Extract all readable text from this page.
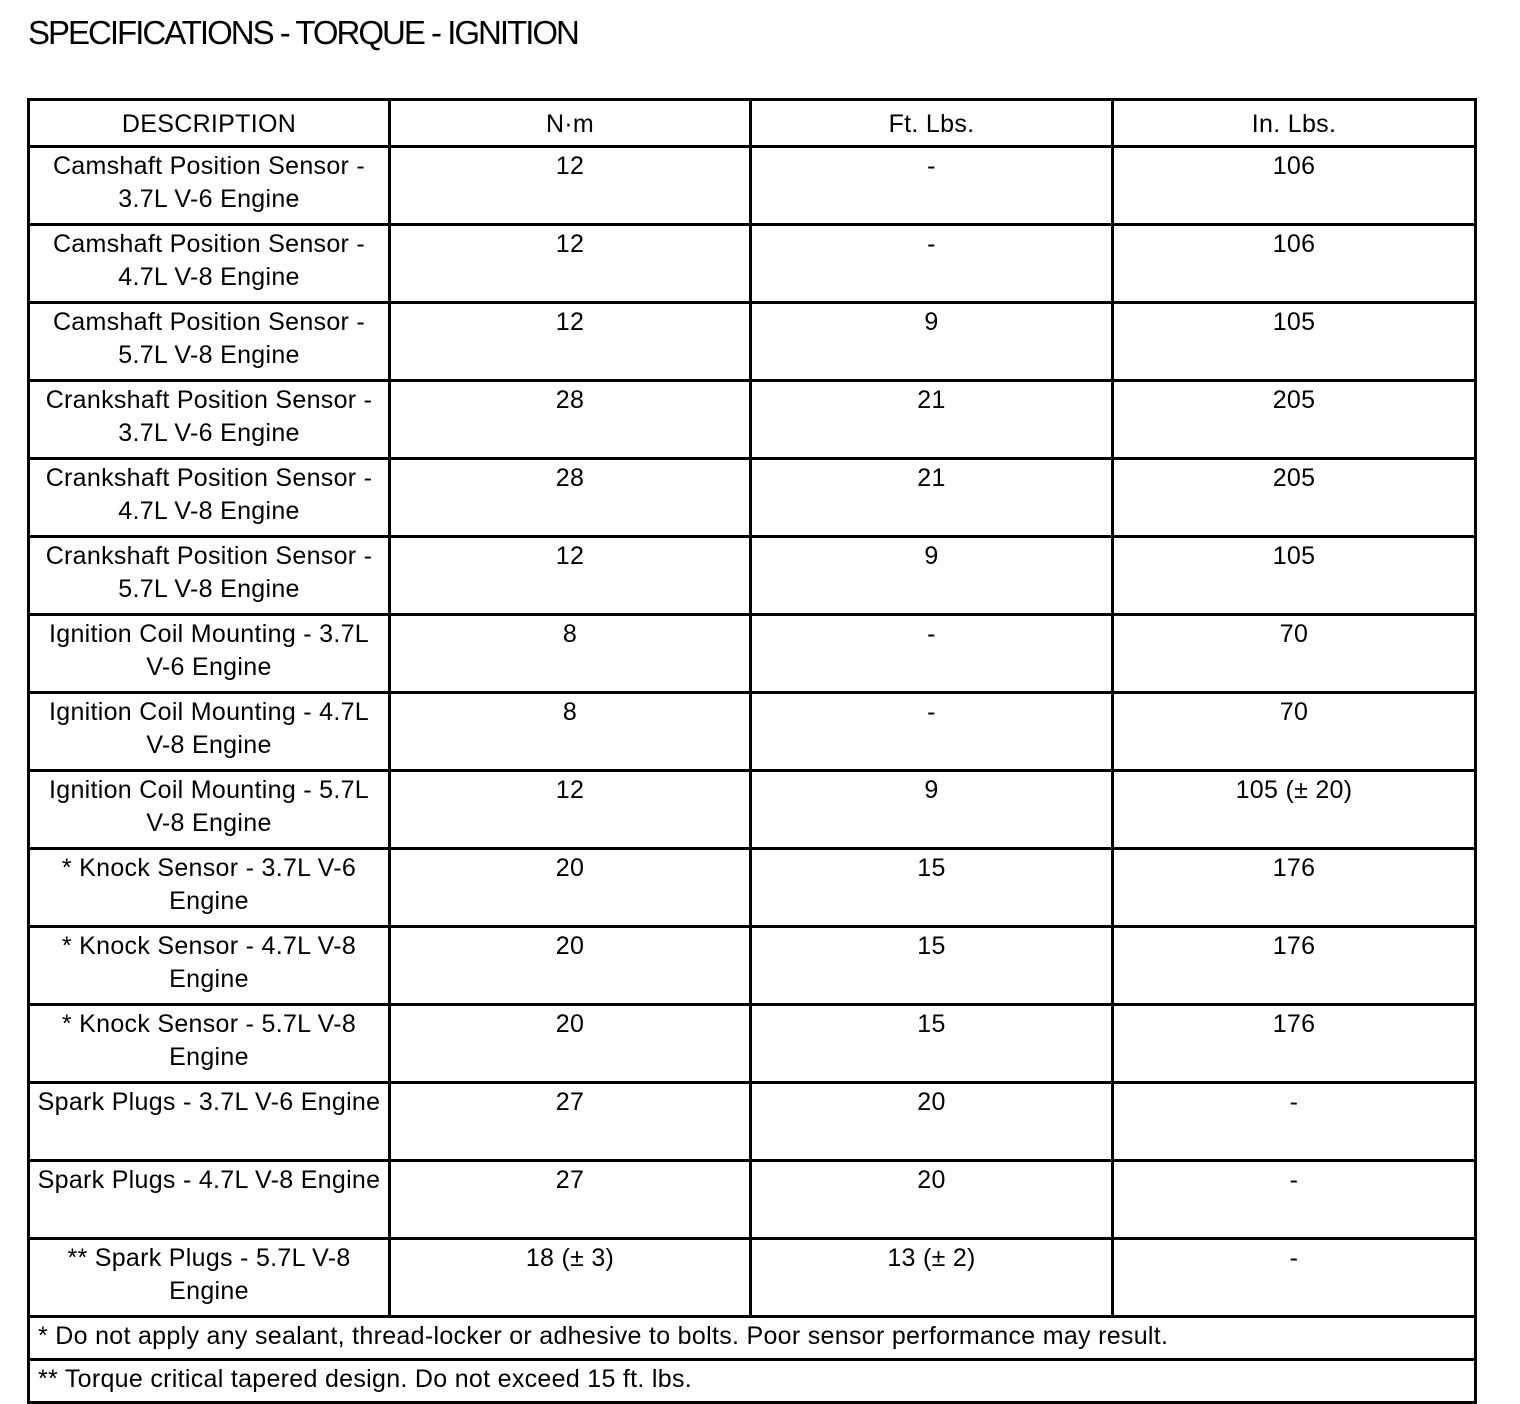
SPECIFICATIONS - TORQUE - IGNITION
DESCRIPTION	N·m	Ft. Lbs.	In. Lbs.
Camshaft Position Sensor - 3.7L V-6 Engine	12	-	106
Camshaft Position Sensor - 4.7L V-8 Engine	12	-	106
Camshaft Position Sensor - 5.7L V-8 Engine	12	9	105
Crankshaft Position Sensor - 3.7L V-6 Engine	28	21	205
Crankshaft Position Sensor - 4.7L V-8 Engine	28	21	205
Crankshaft Position Sensor - 5.7L V-8 Engine	12	9	105
Ignition Coil Mounting - 3.7L V-6 Engine	8	-	70
Ignition Coil Mounting - 4.7L V-8 Engine	8	-	70
Ignition Coil Mounting - 5.7L V-8 Engine	12	9	105 (± 20)
* Knock Sensor - 3.7L V-6 Engine	20	15	176
* Knock Sensor - 4.7L V-8 Engine	20	15	176
* Knock Sensor - 5.7L V-8 Engine	20	15	176
Spark Plugs - 3.7L V-6 Engine	27	20	-
Spark Plugs - 4.7L V-8 Engine	27	20	-
** Spark Plugs - 5.7L V-8 Engine	18 (± 3)	13 (± 2)	-
* Do not apply any sealant, thread-locker or adhesive to bolts. Poor sensor performance may result.			
** Torque critical tapered design. Do not exceed 15 ft. lbs.			
